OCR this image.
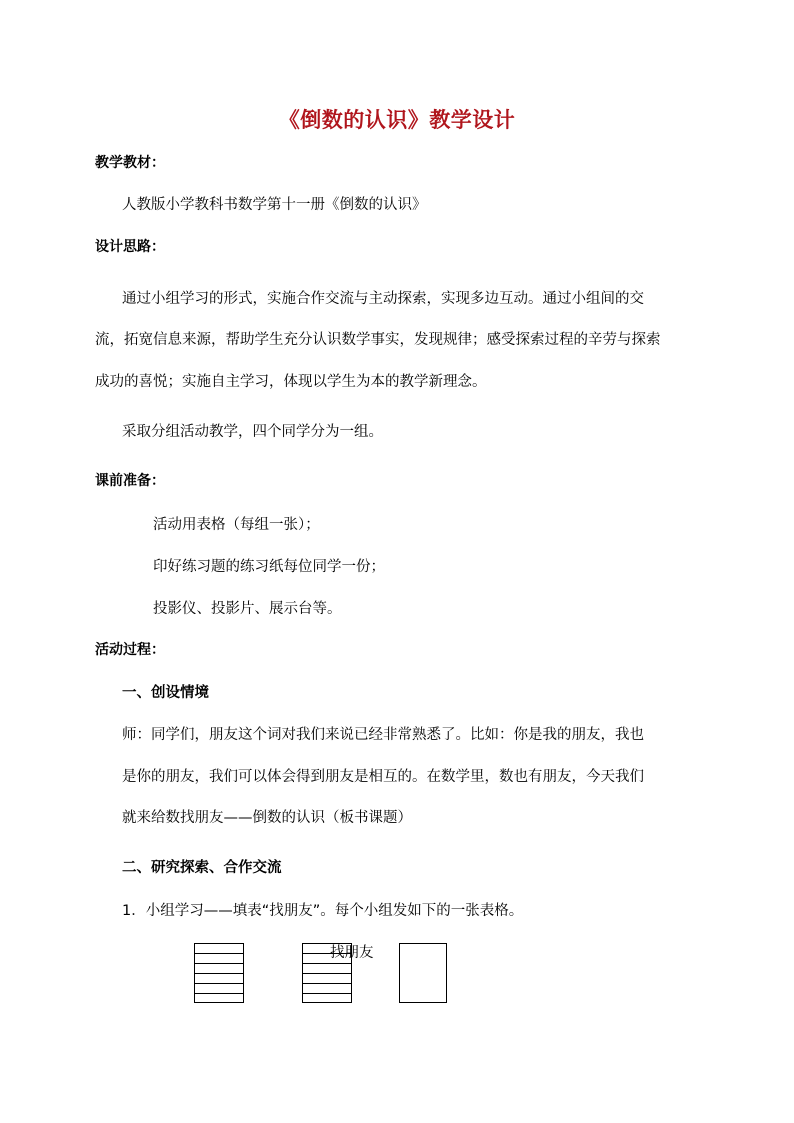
《倒数的认识》教学设计
教学教材：
人教版小学教科书数学第十一册《倒数的认识》
设计思路：
通过小组学习的形式，实施合作交流与主动探索，实现多边互动。通过小组间的交
流，拓宽信息来源，帮助学生充分认识数学事实，发现规律；感受探索过程的辛劳与探索
成功的喜悦；实施自主学习，体现以学生为本的教学新理念。
采取分组活动教学，四个同学分为一组。
课前准备：
活动用表格（每组一张）；
印好练习题的练习纸每位同学一份；
投影仪、投影片、展示台等。
活动过程：
一、创设情境
师：同学们，朋友这个词对我们来说已经非常熟悉了。比如：你是我的朋友，我也
是你的朋友，我们可以体会得到朋友是相互的。在数学里，数也有朋友，今天我们
就来给数找朋友——倒数的认识（板书课题）
二、研究探索、合作交流
1．小组学习——填表“找朋友”。每个小组发如下的一张表格。
找朋友
